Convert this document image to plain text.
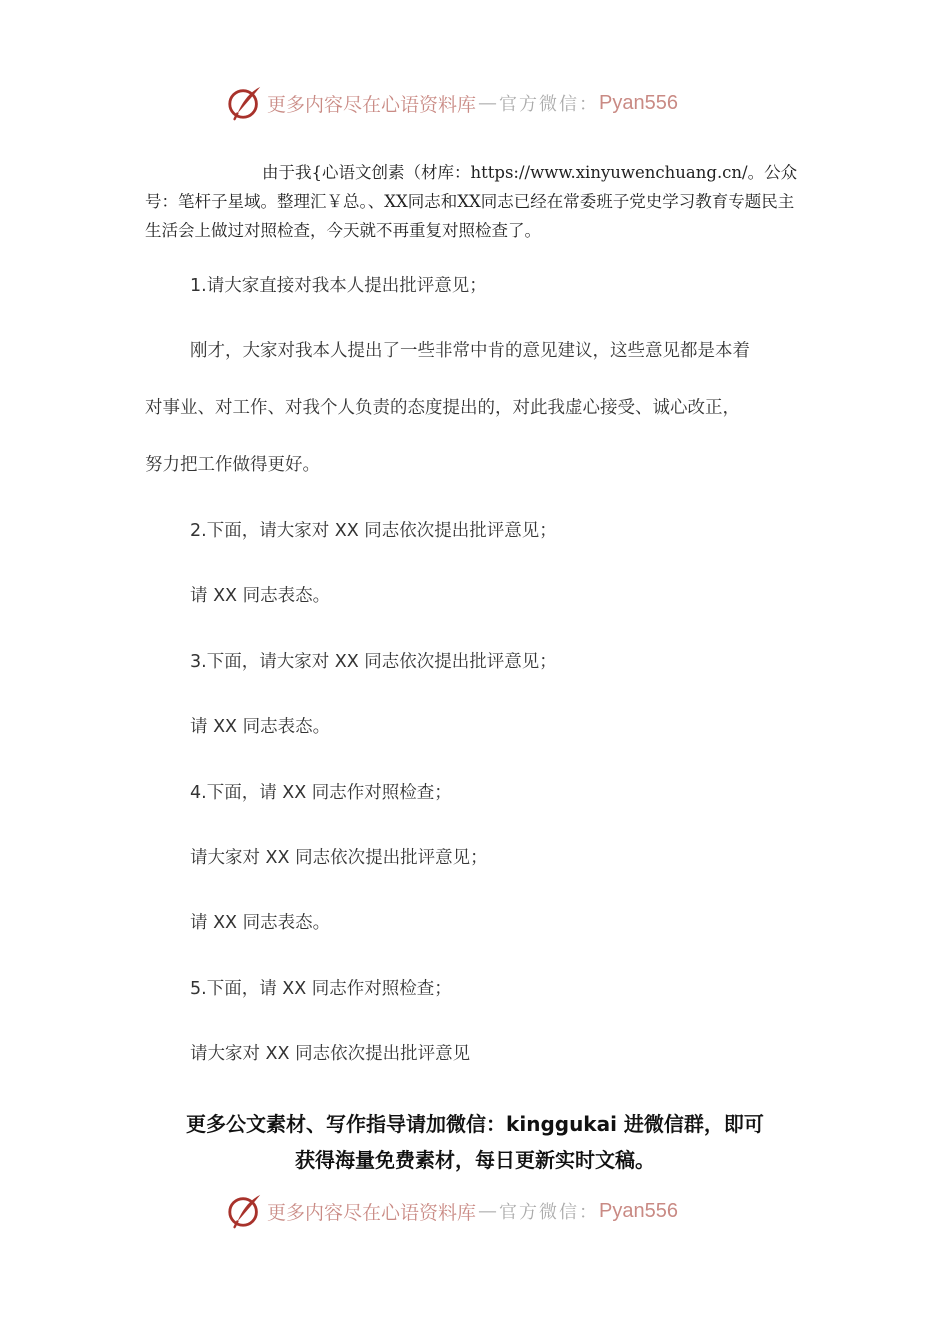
更多内容尽在心语资料库 — 官方微信： Pyan556
由于我{心语文创素（材库：https://www.xinyuwenchuang.cn/。公众号：笔杆子星域。整理汇￥总。、XX同志和XX同志已经在常委班子党史学习教育专题民主生活会上做过对照检查，今天就不再重复对照检查了。
1.请大家直接对我本人提出批评意见；
刚才，大家对我本人提出了一些非常中肯的意见建议，这些意见都是本着
对事业、对工作、对我个人负责的态度提出的，对此我虚心接受、诚心改正，
努力把工作做得更好。
2.下面，请大家对 XX 同志依次提出批评意见；
请 XX 同志表态。
3.下面，请大家对 XX 同志依次提出批评意见；
请 XX 同志表态。
4.下面，请 XX 同志作对照检查；
请大家对 XX 同志依次提出批评意见；
请 XX 同志表态。
5.下面，请 XX 同志作对照检查；
请大家对 XX 同志依次提出批评意见
更多公文素材、写作指导请加微信：kinggukai 进微信群，即可
获得海量免费素材，每日更新实时文稿。
更多内容尽在心语资料库 — 官方微信： Pyan556
